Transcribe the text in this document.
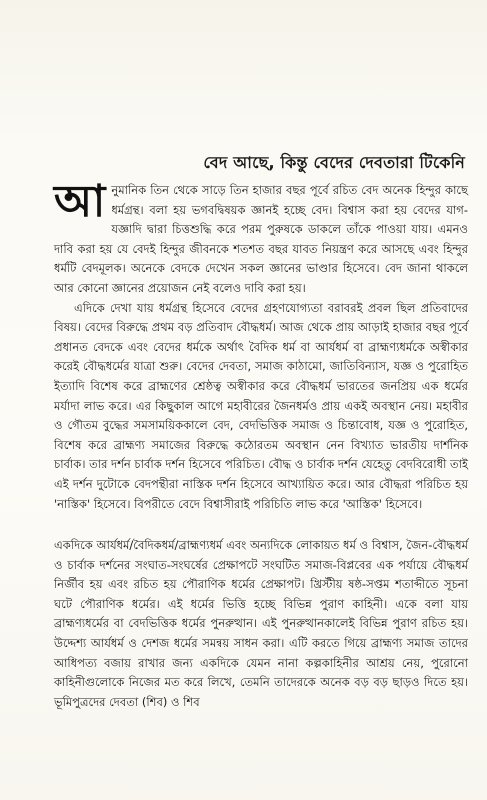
বেদ আছে, কিন্তু বেদের দেবতারা টিকেনি

আনুমানিক তিন থেকে সাড়ে তিন হাজার বছর পূর্বে রচিত বেদ অনেক হিন্দুর কাছে ধর্মগ্রন্থ। বলা হয় ভগবদ্বিষয়ক জ্ঞানই হচ্ছে বেদ। বিশ্বাস করা হয় বেদের যাগ-যজ্ঞাদি দ্বারা চিত্তশুদ্ধি করে পরম পুরুষকে ডাকলে তাঁকে পাওয়া যায়। এমনও দাবি করা হয় যে বেদই হিন্দুর জীবনকে শতশত বছর যাবত নিয়ন্ত্রণ করে আসছে এবং হিন্দুর ধর্মটি বেদমূলক। অনেকে বেদকে দেখেন সকল জ্ঞানের ভাণ্ডার হিসেবে। বেদ জানা থাকলে আর কোনো জ্ঞানের প্রয়োজন নেই বলেও দাবি করা হয়।

এদিকে দেখা যায় ধর্মগ্রন্থ হিসেবে বেদের গ্রহণযোগ্যতা বরাবরই প্রবল ছিল প্রতিবাদের বিষয়। বেদের বিরুদ্ধে প্রথম বড় প্রতিবাদ বৌদ্ধধর্ম। আজ থেকে প্রায় আড়াই হাজার বছর পূর্বে প্রধানত বেদকে এবং বেদের ধর্মকে অর্থাৎ বৈদিক ধর্ম বা আর্যধর্ম বা ব্রাহ্মণ্যধর্মকে অস্বীকার করেই বৌদ্ধধর্মের যাত্রা শুরু। বেদের দেবতা, সমাজ কাঠামো, জাতিবিন্যাস, যজ্ঞ ও পুরোহিত ইত্যাদি বিশেষ করে ব্রাহ্মণের শ্রেষ্ঠত্ব অস্বীকার করে বৌদ্ধধর্ম ভারতের জনপ্রিয় এক ধর্মের মর্যাদা লাভ করে। এর কিছুকাল আগে মহাবীরের জৈনধর্মও প্রায় একই অবস্থান নেয়। মহাবীর ও গৌতম বুদ্ধের সমসাময়িককালে বেদ, বেদভিত্তিক সমাজ ও চিন্তাবোধ, যজ্ঞ ও পুরোহিত, বিশেষ করে ব্রাহ্মণ্য সমাজের বিরুদ্ধে কঠোরতম অবস্থান নেন বিখ্যাত ভারতীয় দার্শনিক চার্বাক। তার দর্শন চার্বাক দর্শন হিসেবে পরিচিত। বৌদ্ধ ও চার্বাক দর্শন যেহেতু বেদবিরোধী তাই এই দর্শন দুটোকে বেদপন্থীরা নাস্তিক দর্শন হিসেবে আখ্যায়িত করে। আর বৌদ্ধরা পরিচিত হয় 'নাস্তিক' হিসেবে। বিপরীতে বেদে বিশ্বাসীরাই পরিচিতি লাভ করে 'আস্তিক' হিসেবে।

একদিকে আর্যধর্ম/বৈদিকধর্ম/ব্রাহ্মণ্যধর্ম এবং অন্যদিকে লোকায়ত ধর্ম ও বিশ্বাস, জৈন-বৌদ্ধধর্ম ও চার্বাক দর্শনের সংঘাত-সংঘর্ষের প্রেক্ষাপটে সংঘটিত সমাজ-বিপ্লবের এক পর্যায়ে বৌদ্ধধর্ম নির্জীব হয় এবং রচিত হয় পৌরাণিক ধর্মের প্রেক্ষাপট। খ্রিস্টীয় ষষ্ঠ-সপ্তম শতাব্দীতে সূচনা ঘটে পৌরাণিক ধর্মের। এই ধর্মের ভিত্তি হচ্ছে বিভিন্ন পুরাণ কাহিনী। একে বলা যায় ব্রাহ্মণ্যধর্মের বা বেদভিত্তিক ধর্মের পুনরুত্থান। এই পুনরুত্থানকালেই বিভিন্ন পুরাণ রচিত হয়। উদ্দেশ্য আর্যধর্ম ও দেশজ ধর্মের সমন্বয় সাধন করা। এটি করতে গিয়ে ব্রাহ্মণ্য সমাজ তাদের আধিপত্য বজায় রাখার জন্য একদিকে যেমন নানা কল্পকাহিনীর আশ্রয় নেয়, পুরোনো কাহিনীগুলোকে নিজের মত করে লিখে, তেমনি তাদেরকে অনেক বড় বড় ছাড়ও দিতে হয়। ভূমিপুত্রদের দেবতা (শিব) ও শিব
